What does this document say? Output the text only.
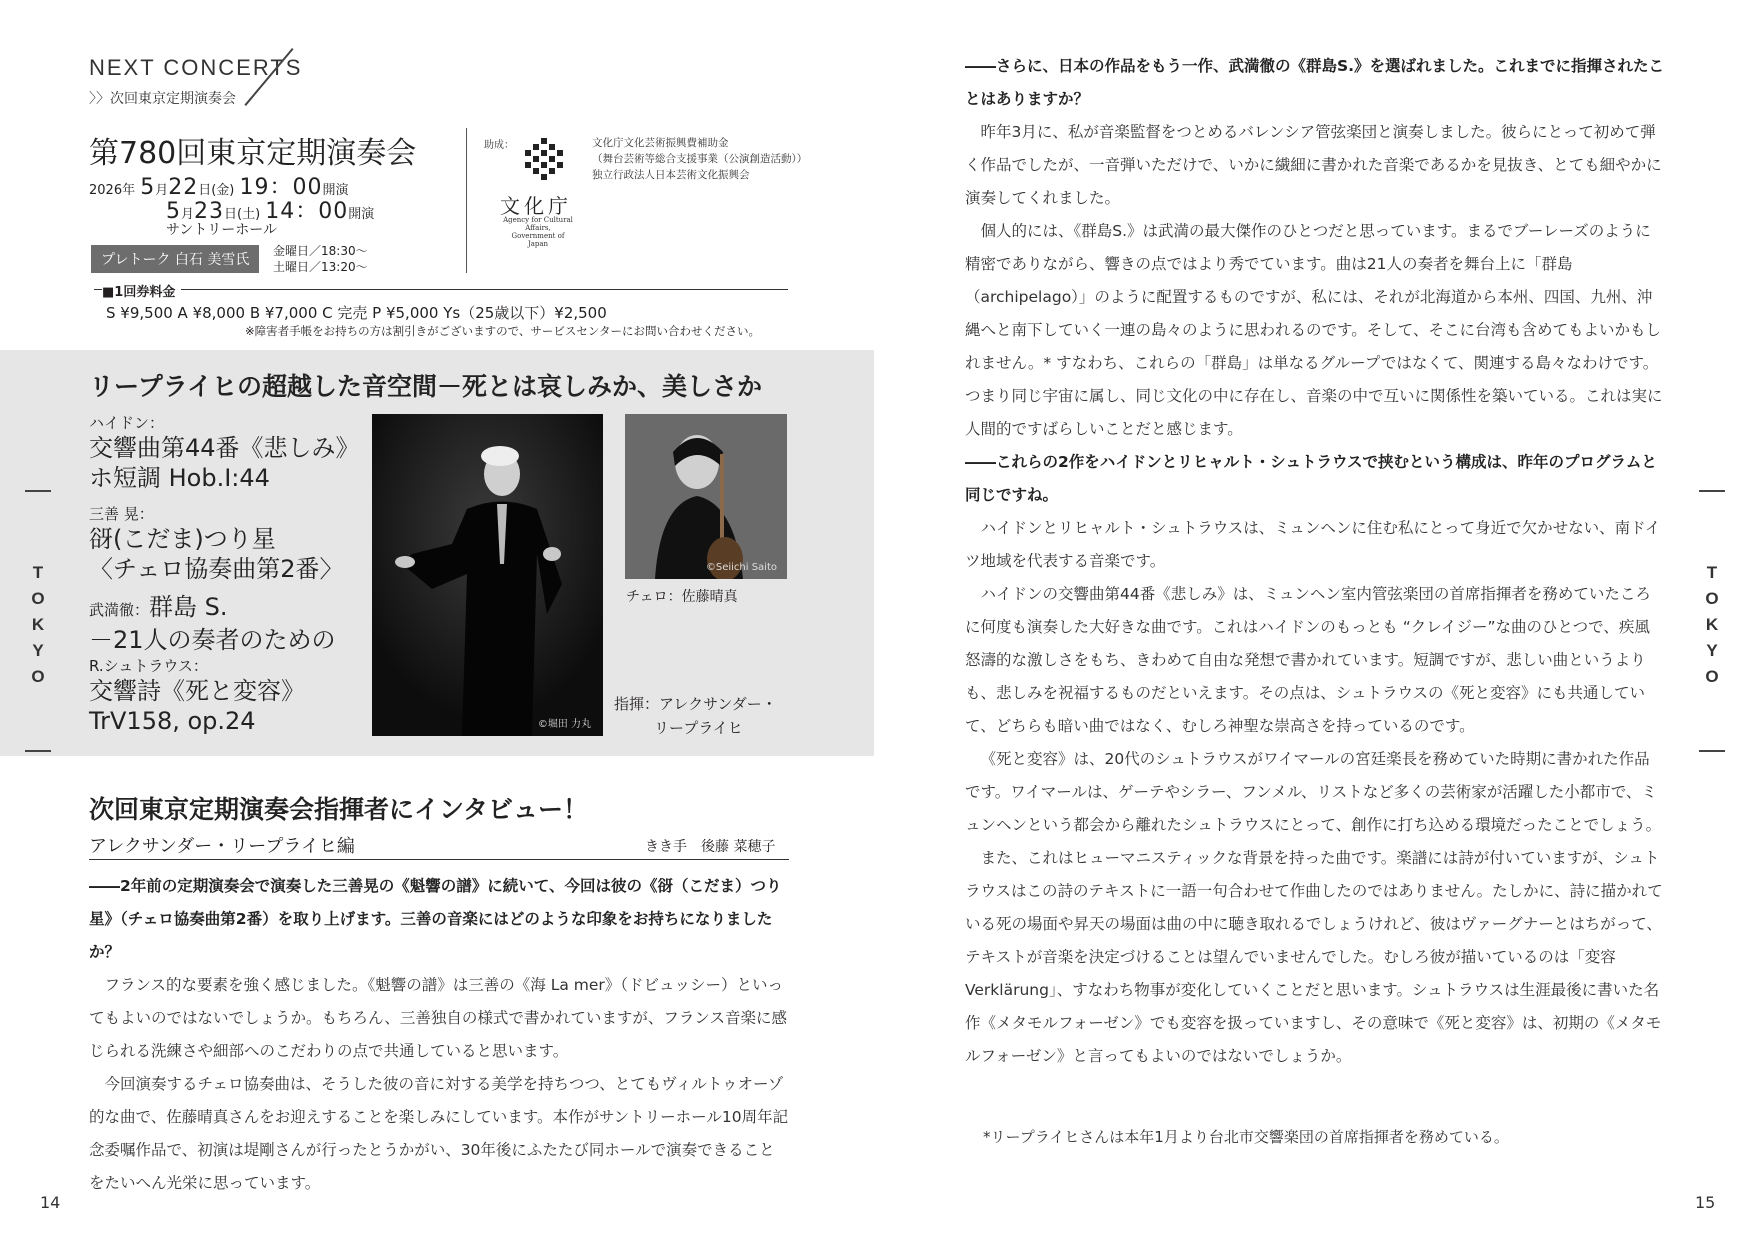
NEXT CONCERTS
〉〉次回東京定期演奏会
第780回東京定期演奏会
2026年 5月22日(金) 19：00開演
5月23日(土) 14：00開演
サントリーホール
プレトーク 白石 美雪氏
金曜日／18:30〜
土曜日／13:20〜
助成：
文化庁
Agency for Cultural Affairs, Government of Japan
文化庁文化芸術振興費補助金
（舞台芸術等総合支援事業（公演創造活動））
独立行政法人日本芸術文化振興会
■1回券料金
S ¥9,500 A ¥8,000 B ¥7,000 C 完売 P ¥5,000 Ys（25歳以下）¥2,500
※障害者手帳をお持ちの方は割引きがございますので、サービスセンターにお問い合わせください。
リープライヒの超越した音空間－死とは哀しみか、美しさか
ハイドン：
交響曲第44番《悲しみ》
ホ短調 Hob.I:44
三善 晃：
谺(こだま)つり星
〈チェロ協奏曲第2番〉
武満徹：群島 S.
－21人の奏者のための
R.シュトラウス：
交響詩《死と変容》
TrV158, op.24	©堀田 力丸
©Seiichi Saito
チェロ：佐藤晴真
指揮：アレクサンダー・
リープライヒ
T
O
K
Y
O
次回東京定期演奏会指揮者にインタビュー！
アレクサンダー・リープライヒ編	きき手　後藤 菜穂子

――2年前の定期演奏会で演奏した三善晃の《魁響の譜》に続いて、今回は彼の《谺（こだま）つり星》（チェロ協奏曲第2番）を取り上げます。三善の音楽にはどのような印象をお持ちになりましたか？

フランス的な要素を強く感じました。《魁響の譜》は三善の《海 La mer》（ドビュッシー）といってもよいのではないでしょうか。もちろん、三善独自の様式で書かれていますが、フランス音楽に感じられる洗練さや細部へのこだわりの点で共通していると思います。

今回演奏するチェロ協奏曲は、そうした彼の音に対する美学を持ちつつ、とてもヴィルトゥオーゾ的な曲で、佐藤晴真さんをお迎えすることを楽しみにしています。本作がサントリーホール10周年記念委嘱作品で、初演は堤剛さんが行ったとうかがい、30年後にふたたび同ホールで演奏できることをたいへん光栄に思っています。

14

――さらに、日本の作品をもう一作、武満徹の《群島S.》を選ばれました。これまでに指揮されたことはありますか？

昨年3月に、私が音楽監督をつとめるバレンシア管弦楽団と演奏しました。彼らにとって初めて弾く作品でしたが、一音弾いただけで、いかに繊細に書かれた音楽であるかを見抜き、とても細やかに演奏してくれました。

個人的には、《群島S.》は武満の最大傑作のひとつだと思っています。まるでブーレーズのように精密でありながら、響きの点ではより秀でています。曲は21人の奏者を舞台上に「群島（archipelago）」のように配置するものですが、私には、それが北海道から本州、四国、九州、沖縄へと南下していく一連の島々のように思われるのです。そして、そこに台湾も含めてもよいかもしれません。* すなわち、これらの「群島」は単なるグループではなくて、関連する島々なわけです。つまり同じ宇宙に属し、同じ文化の中に存在し、音楽の中で互いに関係性を築いている。これは実に人間的ですばらしいことだと感じます。

――これらの2作をハイドンとリヒャルト・シュトラウスで挟むという構成は、昨年のプログラムと同じですね。

ハイドンとリヒャルト・シュトラウスは、ミュンヘンに住む私にとって身近で欠かせない、南ドイツ地域を代表する音楽です。

ハイドンの交響曲第44番《悲しみ》は、ミュンヘン室内管弦楽団の首席指揮者を務めていたころに何度も演奏した大好きな曲です。これはハイドンのもっとも “クレイジー”な曲のひとつで、疾風怒濤的な激しさをもち、きわめて自由な発想で書かれています。短調ですが、悲しい曲というよりも、悲しみを祝福するものだといえます。その点は、シュトラウスの《死と変容》にも共通していて、どちらも暗い曲ではなく、むしろ神聖な崇高さを持っているのです。

《死と変容》は、20代のシュトラウスがワイマールの宮廷楽長を務めていた時期に書かれた作品です。ワイマールは、ゲーテやシラー、フンメル、リストなど多くの芸術家が活躍した小都市で、ミュンヘンという都会から離れたシュトラウスにとって、創作に打ち込める環境だったことでしょう。

また、これはヒューマニスティックな背景を持った曲です。楽譜には詩が付いていますが、シュトラウスはこの詩のテキストに一語一句合わせて作曲したのではありません。たしかに、詩に描かれている死の場面や昇天の場面は曲の中に聴き取れるでしょうけれど、彼はヴァーグナーとはちがって、テキストが音楽を決定づけることは望んでいませんでした。むしろ彼が描いているのは「変容 Verklärung」、すなわち物事が変化していくことだと思います。シュトラウスは生涯最後に書いた名作《メタモルフォーゼン》でも変容を扱っていますし、その意味で《死と変容》は、初期の《メタモルフォーゼン》と言ってもよいのではないでしょうか。

*リープライヒさんは本年1月より台北市交響楽団の首席指揮者を務めている。
T
O
K
Y
O
15
